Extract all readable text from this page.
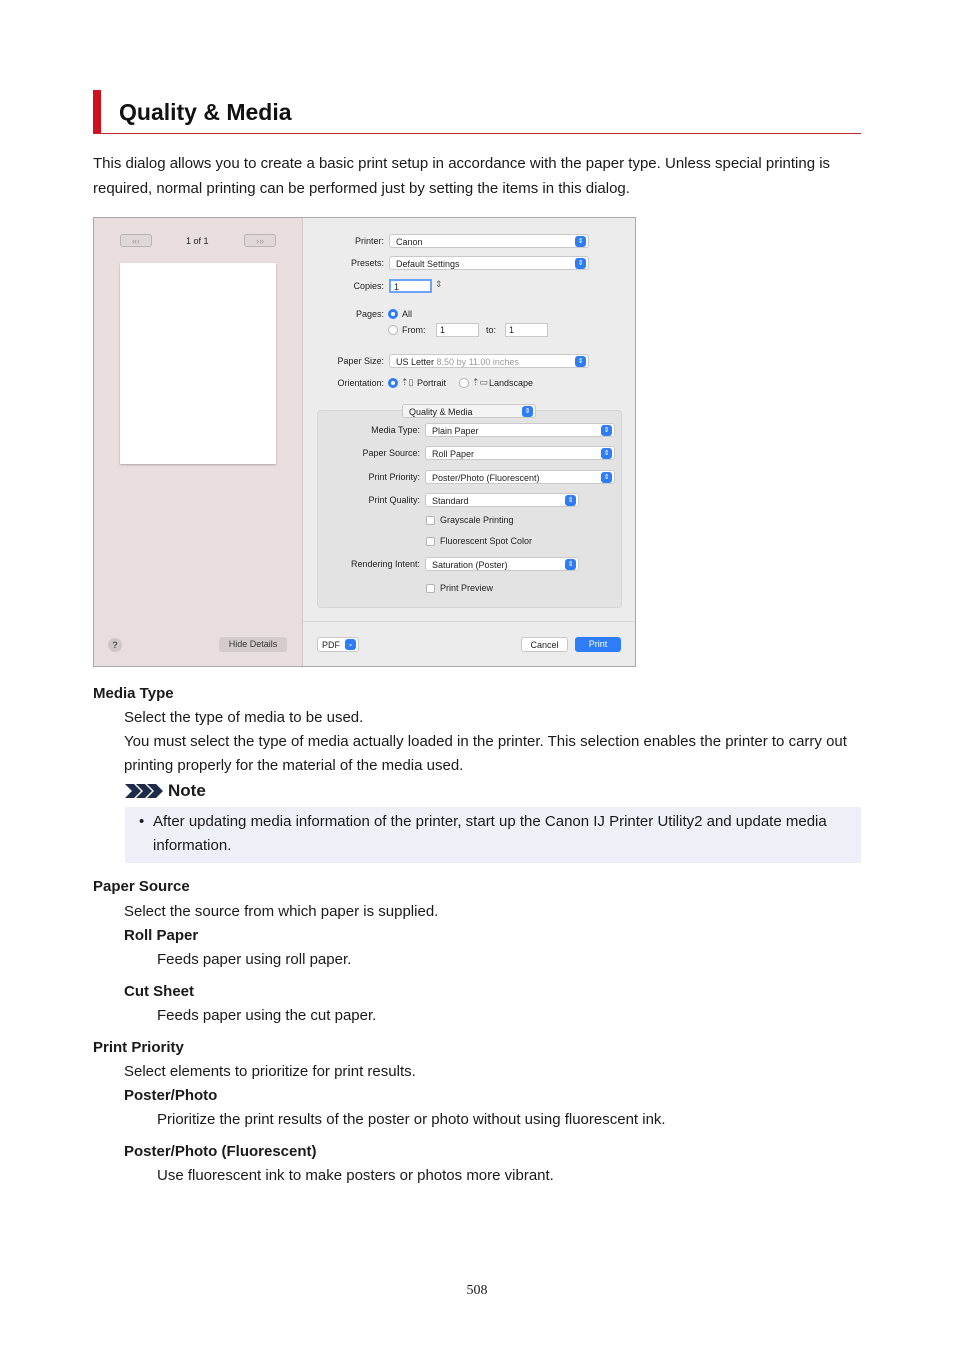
Quality & Media
This dialog allows you to create a basic print setup in accordance with the paper type. Unless special printing is required, normal printing can be performed just by setting the items in this dialog.
«‹	1 of 1	›»
?	Hide Details
Printer:	Canon	⇕
Presets:	Default Settings	⇕
Copies:	1	⇕
Pages: All
From:	1	to:	1
Paper Size:	US Letter 8.50 by 11.00 inches	⇕
Orientation: ⇡▯ Portrait	⇡▭ Landscape
Quality & Media	⇕
Media Type:	Plain Paper	⇕
Paper Source:	Roll Paper	⇕
Print Priority:	Poster/Photo (Fluorescent)	⇕
Print Quality:	Standard	⇕
Grayscale Printing
Fluorescent Spot Color
Rendering Intent:	Saturation (Poster)	⇕
Print Preview
PDF	⌄	Cancel	Print
Media Type
Select the type of media to be used.
You must select the type of media actually loaded in the printer. This selection enables the printer to carry out printing properly for the material of the media used.
Note
• After updating media information of the printer, start up the Canon IJ Printer Utility2 and update media information.
Paper Source
Select the source from which paper is supplied.
Roll Paper
Feeds paper using roll paper.
Cut Sheet
Feeds paper using the cut paper.
Print Priority
Select elements to prioritize for print results.
Poster/Photo
Prioritize the print results of the poster or photo without using fluorescent ink.
Poster/Photo (Fluorescent)
Use fluorescent ink to make posters or photos more vibrant.
508
